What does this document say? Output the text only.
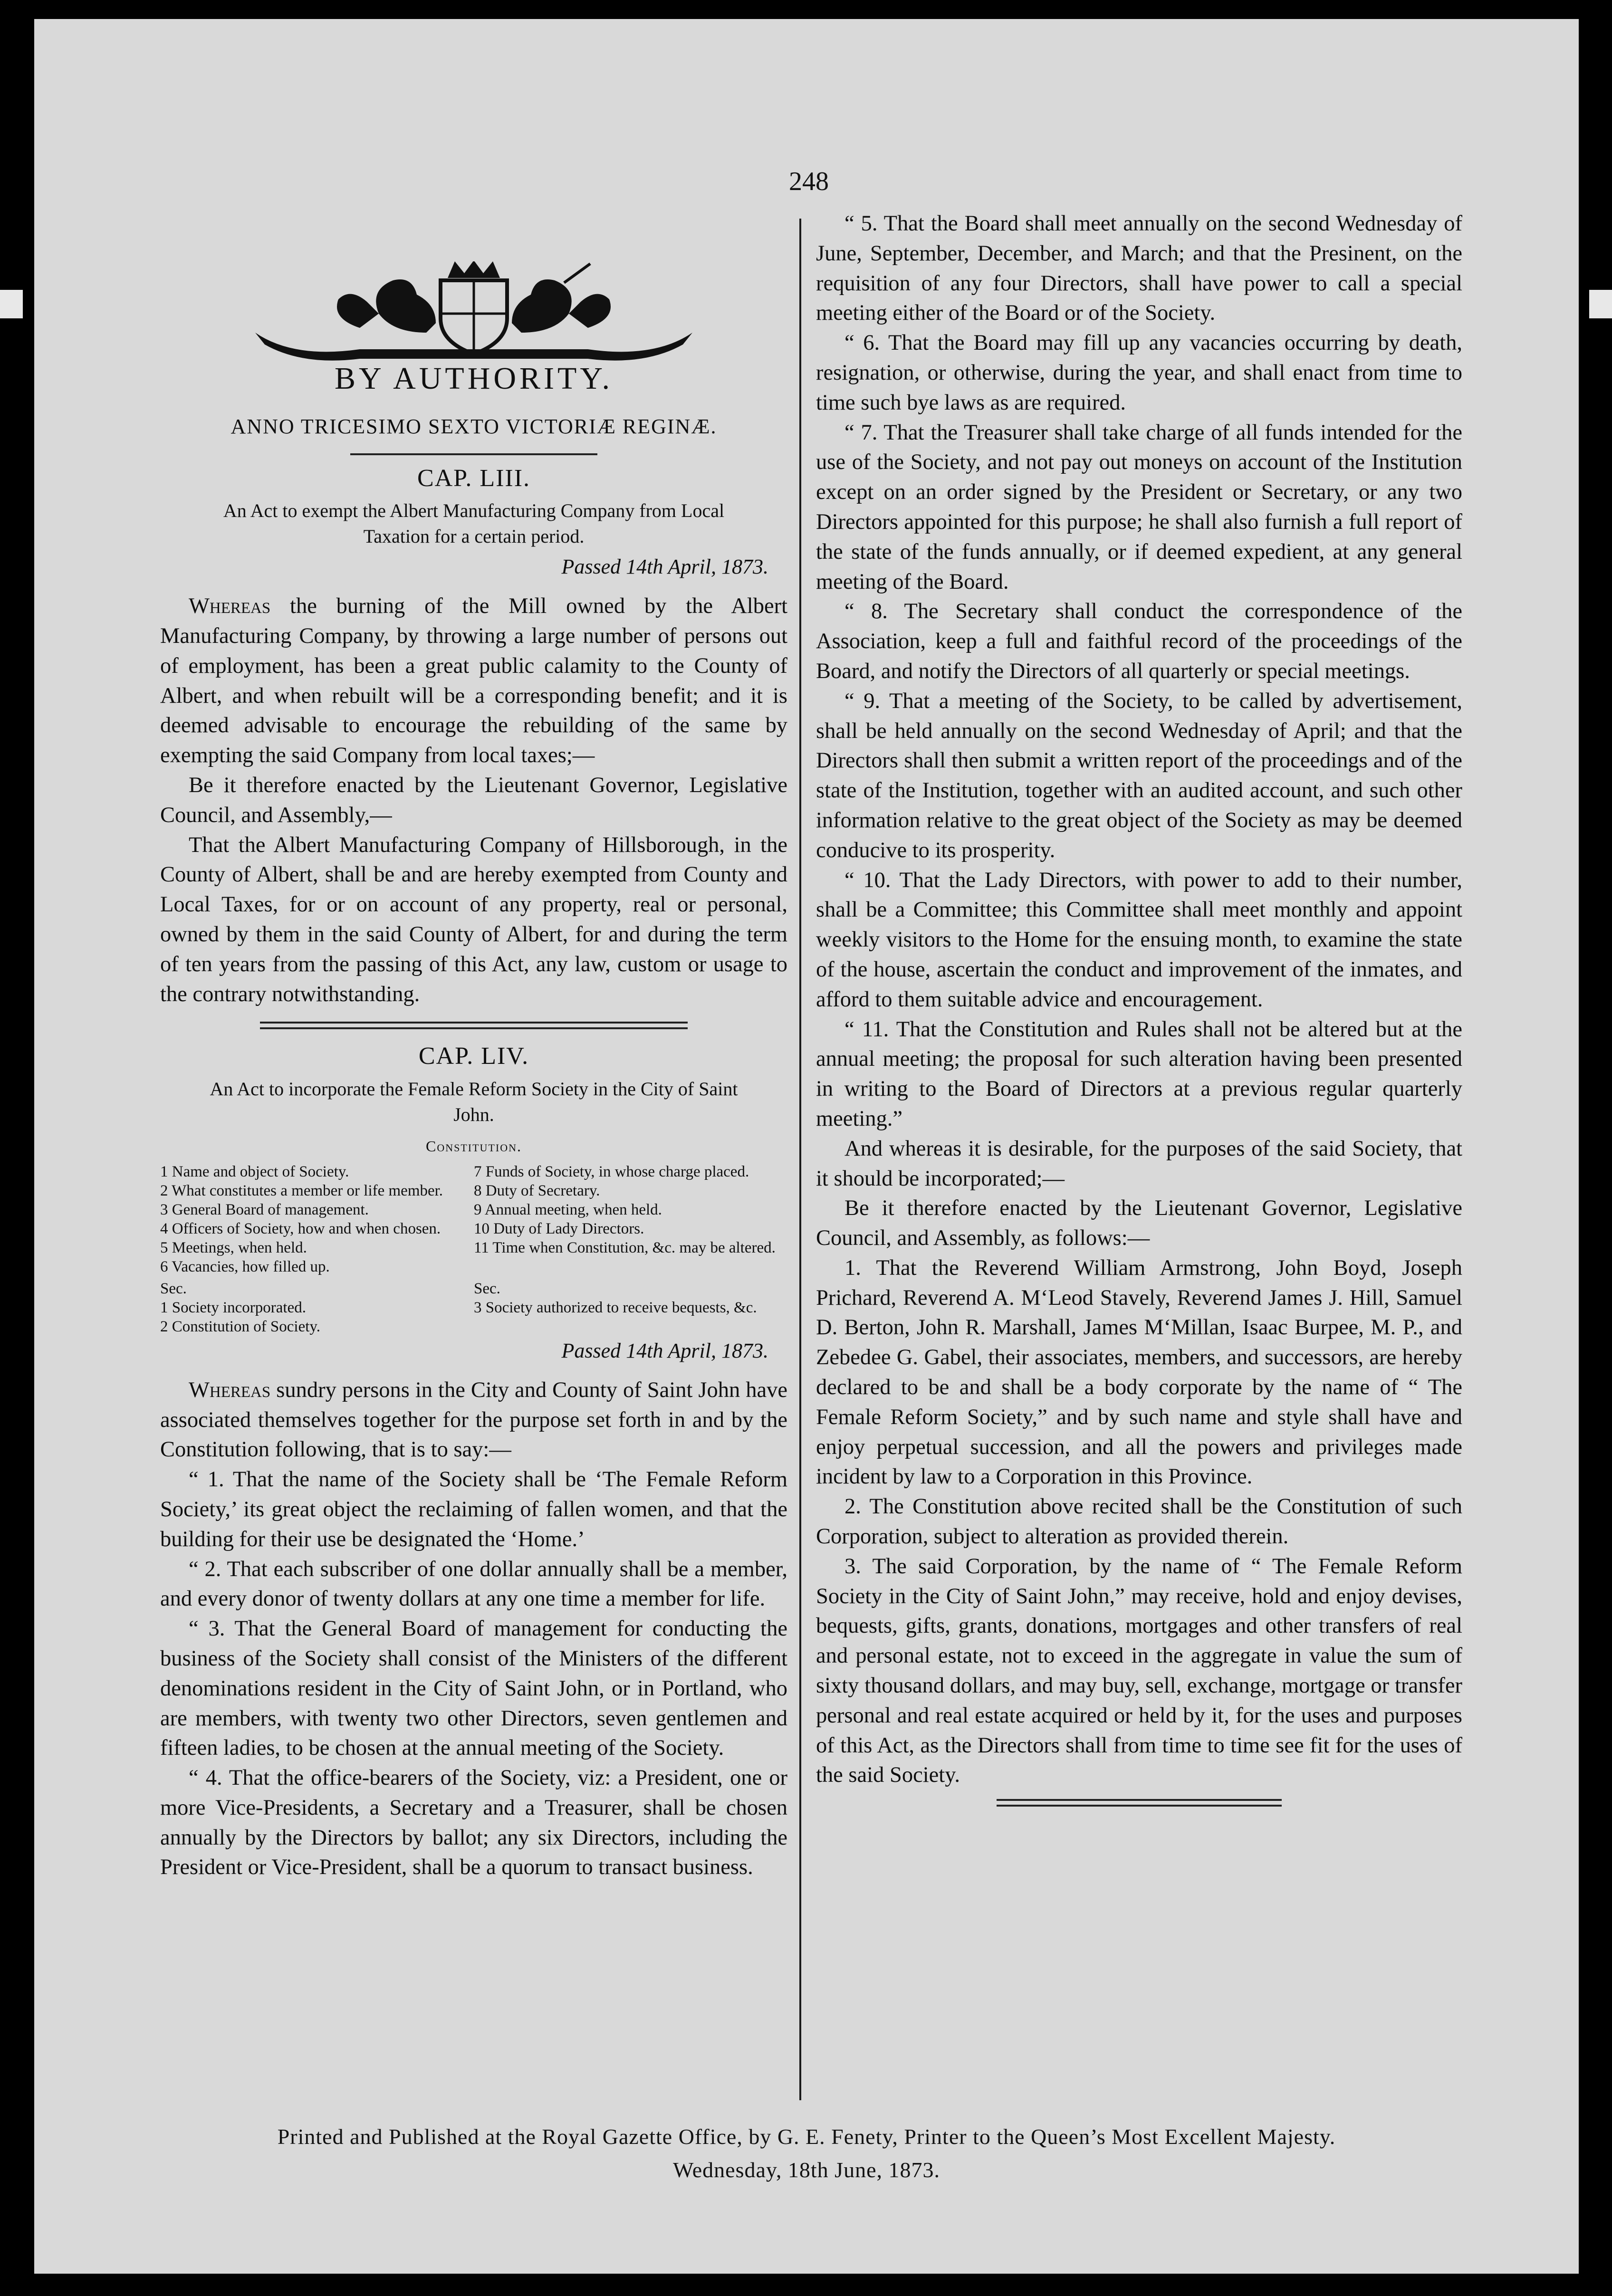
248
BY AUTHORITY.
ANNO TRICESIMO SEXTO VICTORIÆ REGINÆ.
CAP. LIII.
An Act to exempt the Albert Manufacturing Company from Local Taxation for a certain period.
Passed 14th April, 1873.

Whereas the burning of the Mill owned by the Albert Manufacturing Company, by throwing a large number of persons out of employment, has been a great public calamity to the County of Albert, and when rebuilt will be a corresponding benefit; and it is deemed advisable to encourage the rebuilding of the same by exempting the said Company from local taxes;—

Be it therefore enacted by the Lieutenant Governor, Legislative Council, and Assembly,—

That the Albert Manufacturing Company of Hillsborough, in the County of Albert, shall be and are hereby exempted from County and Local Taxes, for or on account of any property, real or personal, owned by them in the said County of Albert, for and during the term of ten years from the passing of this Act, any law, custom or usage to the contrary notwithstanding.

CAP. LIV.
An Act to incorporate the Female Reform Society in the City of Saint John.
Constitution.
1 Name and object of Society.
2 What constitutes a member or life member.
3 General Board of management.
4 Officers of Society, how and when chosen.
5 Meetings, when held.
6 Vacancies, how filled up.
7 Funds of Society, in whose charge placed.
8 Duty of Secretary.
9 Annual meeting, when held.
10 Duty of Lady Directors.
11 Time when Constitution, &c. may be altered.
Sec.
1 Society incorporated.
2 Constitution of Society.
Sec.
3 Society authorized to receive bequests, &c.
Passed 14th April, 1873.

Whereas sundry persons in the City and County of Saint John have associated themselves together for the purpose set forth in and by the Constitution following, that is to say:—

“ 1. That the name of the Society shall be ‘The Female Reform Society,’ its great object the reclaiming of fallen women, and that the building for their use be designated the ‘Home.’

“ 2. That each subscriber of one dollar annually shall be a member, and every donor of twenty dollars at any one time a member for life.

“ 3. That the General Board of management for conducting the business of the Society shall consist of the Ministers of the different denominations resident in the City of Saint John, or in Portland, who are members, with twenty two other Directors, seven gentlemen and fifteen ladies, to be chosen at the annual meeting of the Society.

“ 4. That the office-bearers of the Society, viz: a President, one or more Vice-Presidents, a Secretary and a Treasurer, shall be chosen annually by the Directors by ballot; any six Directors, including the President or Vice-President, shall be a quorum to transact business.

“ 5. That the Board shall meet annually on the second Wednesday of June, September, December, and March; and that the Presinent, on the requisition of any four Directors, shall have power to call a special meeting either of the Board or of the Society.

“ 6. That the Board may fill up any vacancies occurring by death, resignation, or otherwise, during the year, and shall enact from time to time such bye laws as are required.

“ 7. That the Treasurer shall take charge of all funds intended for the use of the Society, and not pay out moneys on account of the Institution except on an order signed by the President or Secretary, or any two Directors appointed for this purpose; he shall also furnish a full report of the state of the funds annually, or if deemed expedient, at any general meeting of the Board.

“ 8. The Secretary shall conduct the correspondence of the Association, keep a full and faithful record of the proceedings of the Board, and notify the Directors of all quarterly or special meetings.

“ 9. That a meeting of the Society, to be called by advertisement, shall be held annually on the second Wednesday of April; and that the Directors shall then submit a written report of the proceedings and of the state of the Institution, together with an audited account, and such other information relative to the great object of the Society as may be deemed conducive to its prosperity.

“ 10. That the Lady Directors, with power to add to their number, shall be a Committee; this Committee shall meet monthly and appoint weekly visitors to the Home for the ensuing month, to examine the state of the house, ascertain the conduct and improvement of the inmates, and afford to them suitable advice and encouragement.

“ 11. That the Constitution and Rules shall not be altered but at the annual meeting; the proposal for such alteration having been presented in writing to the Board of Directors at a previous regular quarterly meeting.”

And whereas it is desirable, for the purposes of the said Society, that it should be incorporated;—

Be it therefore enacted by the Lieutenant Governor, Legislative Council, and Assembly, as follows:—

1. That the Reverend William Armstrong, John Boyd, Joseph Prichard, Reverend A. M‘Leod Stavely, Reverend James J. Hill, Samuel D. Berton, John R. Marshall, James M‘Millan, Isaac Burpee, M. P., and Zebedee G. Gabel, their associates, members, and successors, are hereby declared to be and shall be a body corporate by the name of “ The Female Reform Society,” and by such name and style shall have and enjoy perpetual succession, and all the powers and privileges made incident by law to a Corporation in this Province.

2. The Constitution above recited shall be the Constitution of such Corporation, subject to alteration as provided therein.

3. The said Corporation, by the name of “ The Female Reform Society in the City of Saint John,” may receive, hold and enjoy devises, bequests, gifts, grants, donations, mortgages and other transfers of real and personal estate, not to exceed in the aggregate in value the sum of sixty thousand dollars, and may buy, sell, exchange, mortgage or transfer personal and real estate acquired or held by it, for the uses and purposes of this Act, as the Directors shall from time to time see fit for the uses of the said Society.

Printed and Published at the Royal Gazette Office, by G. E. Fenety, Printer to the Queen’s Most Excellent Majesty.
Wednesday, 18th June, 1873.
